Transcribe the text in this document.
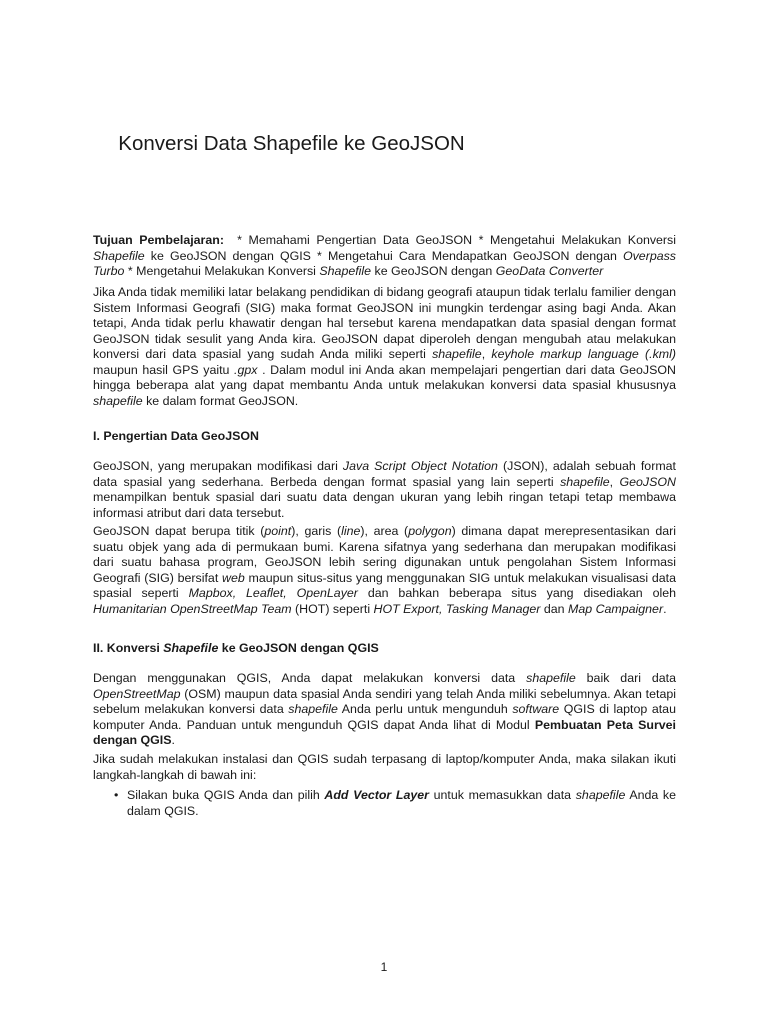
Konversi Data Shapefile ke GeoJSON

Tujuan Pembelajaran: * Memahami Pengertian Data GeoJSON * Mengetahui Melakukan Konversi Shapefile ke GeoJSON dengan QGIS * Mengetahui Cara Mendapatkan GeoJSON dengan Overpass Turbo * Mengetahui Melakukan Konversi Shapefile ke GeoJSON dengan GeoData Converter

Jika Anda tidak memiliki latar belakang pendidikan di bidang geografi ataupun tidak terlalu familier dengan Sistem Informasi Geografi (SIG) maka format GeoJSON ini mungkin terdengar asing bagi Anda. Akan tetapi, Anda tidak perlu khawatir dengan hal tersebut karena mendapatkan data spasial dengan format GeoJSON tidak sesulit yang Anda kira. GeoJSON dapat diperoleh dengan mengubah atau melakukan konversi dari data spasial yang sudah Anda miliki seperti shapefile, keyhole markup language (.kml) maupun hasil GPS yaitu .gpx . Dalam modul ini Anda akan mempelajari pengertian dari data GeoJSON hingga beberapa alat yang dapat membantu Anda untuk melakukan konversi data spasial khususnya shapefile ke dalam format GeoJSON.

I. Pengertian Data GeoJSON

GeoJSON, yang merupakan modifikasi dari Java Script Object Notation (JSON), adalah sebuah format data spasial yang sederhana. Berbeda dengan format spasial yang lain seperti shapefile, GeoJSON menampilkan bentuk spasial dari suatu data dengan ukuran yang lebih ringan tetapi tetap membawa informasi atribut dari data tersebut.

GeoJSON dapat berupa titik (point), garis (line), area (polygon) dimana dapat merepresentasikan dari suatu objek yang ada di permukaan bumi. Karena sifatnya yang sederhana dan merupakan modifikasi dari suatu bahasa program, GeoJSON lebih sering digunakan untuk pengolahan Sistem Informasi Geografi (SIG) bersifat web maupun situs-situs yang menggunakan SIG untuk melakukan visualisasi data spasial seperti Mapbox, Leaflet, OpenLayer dan bahkan beberapa situs yang disediakan oleh Humanitarian OpenStreetMap Team (HOT) seperti HOT Export, Tasking Manager dan Map Campaigner.

II. Konversi Shapefile ke GeoJSON dengan QGIS

Dengan menggunakan QGIS, Anda dapat melakukan konversi data shapefile baik dari data OpenStreetMap (OSM) maupun data spasial Anda sendiri yang telah Anda miliki sebelumnya. Akan tetapi sebelum melakukan konversi data shapefile Anda perlu untuk mengunduh software QGIS di laptop atau komputer Anda. Panduan untuk mengunduh QGIS dapat Anda lihat di Modul Pembuatan Peta Survei dengan QGIS.

Jika sudah melakukan instalasi dan QGIS sudah terpasang di laptop/komputer Anda, maka silakan ikuti langkah-langkah di bawah ini:

• Silakan buka QGIS Anda dan pilih Add Vector Layer untuk memasukkan data shapefile Anda ke dalam QGIS.
1
